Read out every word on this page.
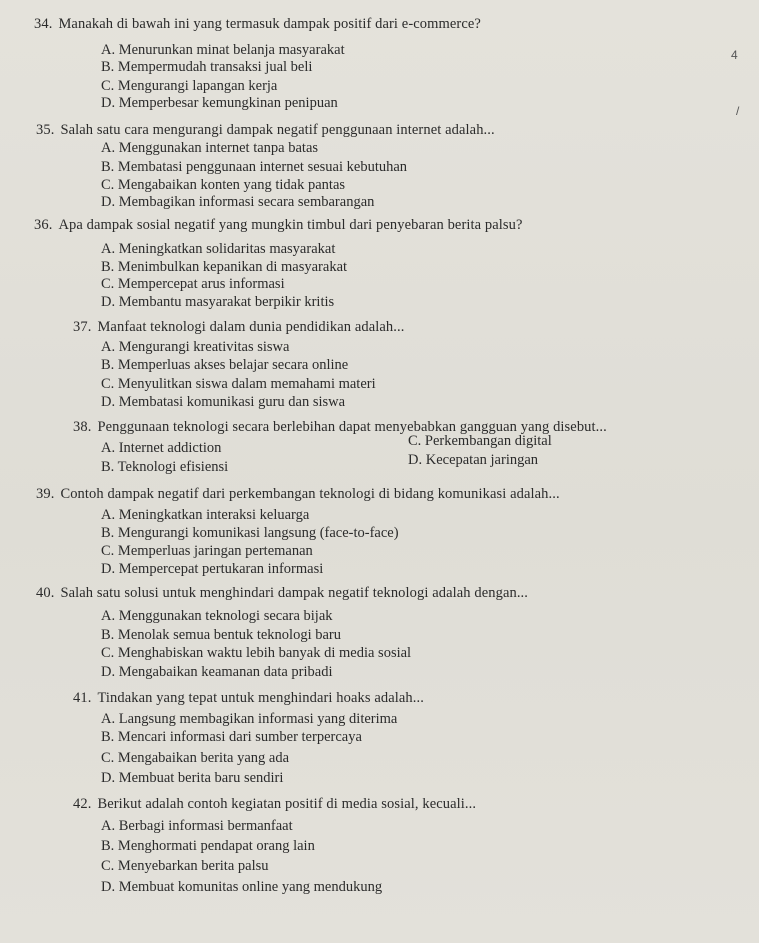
4
/
34. Manakah di bawah ini yang termasuk dampak positif dari e-commerce?
A. Menurunkan minat belanja masyarakat
B. Mempermudah transaksi jual beli
C. Mengurangi lapangan kerja
D. Memperbesar kemungkinan penipuan
35. Salah satu cara mengurangi dampak negatif penggunaan internet adalah...
A. Menggunakan internet tanpa batas
B. Membatasi penggunaan internet sesuai kebutuhan
C. Mengabaikan konten yang tidak pantas
D. Membagikan informasi secara sembarangan
36. Apa dampak sosial negatif yang mungkin timbul dari penyebaran berita palsu?
A. Meningkatkan solidaritas masyarakat
B. Menimbulkan kepanikan di masyarakat
C. Mempercepat arus informasi
D. Membantu masyarakat berpikir kritis
37. Manfaat teknologi dalam dunia pendidikan adalah...
A. Mengurangi kreativitas siswa
B. Memperluas akses belajar secara online
C. Menyulitkan siswa dalam memahami materi
D. Membatasi komunikasi guru dan siswa
38. Penggunaan teknologi secara berlebihan dapat menyebabkan gangguan yang disebut...
A. Internet addiction	C. Perkembangan digital
B. Teknologi efisiensi	D. Kecepatan jaringan
39. Contoh dampak negatif dari perkembangan teknologi di bidang komunikasi adalah...
A. Meningkatkan interaksi keluarga
B. Mengurangi komunikasi langsung (face-to-face)
C. Memperluas jaringan pertemanan
D. Mempercepat pertukaran informasi
40. Salah satu solusi untuk menghindari dampak negatif teknologi adalah dengan...
A. Menggunakan teknologi secara bijak
B. Menolak semua bentuk teknologi baru
C. Menghabiskan waktu lebih banyak di media sosial
D. Mengabaikan keamanan data pribadi
41. Tindakan yang tepat untuk menghindari hoaks adalah...
A. Langsung membagikan informasi yang diterima
B. Mencari informasi dari sumber terpercaya
C. Mengabaikan berita yang ada
D. Membuat berita baru sendiri
42. Berikut adalah contoh kegiatan positif di media sosial, kecuali...
A. Berbagi informasi bermanfaat
B. Menghormati pendapat orang lain
C. Menyebarkan berita palsu
D. Membuat komunitas online yang mendukung
